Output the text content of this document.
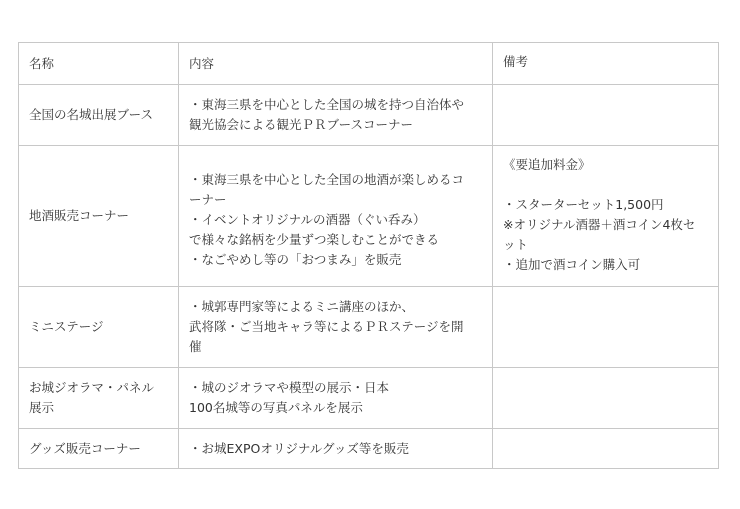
名称	内容	備考

全国の名城出展ブース	・東海三県を中心とした全国の城を持つ自治体や
観光協会による観光ＰＲブースコーナー	

地酒販売コーナー	・東海三県を中心とした全国の地酒が楽しめるコ
ーナー
・イベントオリジナルの酒器（ぐい呑み）
で様々な銘柄を少量ずつ楽しむことができる
・なごやめし等の「おつまみ」を販売	《要追加料金》
・スターターセット1,500円
※オリジナル酒器＋酒コイン4枚セ
ット
・追加で酒コイン購入可

ミニステージ	・城郭専門家等によるミニ講座のほか、
武将隊・ご当地キャラ等によるＰＲステージを開
催	

お城ジオラマ・パネル
展示	・城のジオラマや模型の展示・日本
100名城等の写真パネルを展示	

グッズ販売コーナー	・お城EXPOオリジナルグッズ等を販売	
